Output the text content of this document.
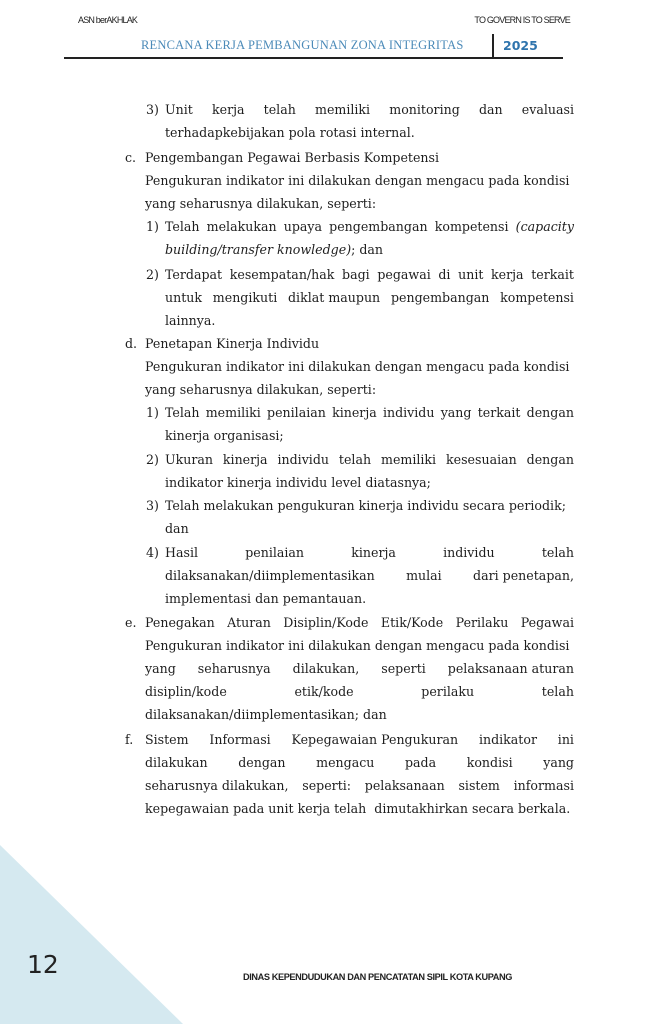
ASN berAKHLAK	TO GOVERN IS TO SERVE
RENCANA KERJA PEMBANGUNAN ZONA INTEGRITAS	2025
3) Unit kerja telah memiliki monitoring dan evaluasi
terhadapkebijakan pola rotasi internal.
c. Pengembangan Pegawai Berbasis Kompetensi
Pengukuran indikator ini dilakukan dengan mengacu pada kondisi
yang seharusnya dilakukan, seperti:
1) Telah melakukan upaya pengembangan kompetensi (capacity
building/transfer knowledge); dan
2) Terdapat kesempatan/hak bagi pegawai di unit kerja terkait
untuk mengikuti diklat maupun pengembangan kompetensi
lainnya.
d. Penetapan Kinerja Individu
Pengukuran indikator ini dilakukan dengan mengacu pada kondisi
yang seharusnya dilakukan, seperti:
1) Telah memiliki penilaian kinerja individu yang terkait dengan
kinerja organisasi;
2) Ukuran kinerja individu telah memiliki kesesuaian dengan
indikator kinerja individu level diatasnya;
3) Telah melakukan pengukuran kinerja individu secara periodik;
dan
4) Hasil	penilaian	kinerja	individu	telah
dilaksanakan/diimplementasikan mulai dari penetapan,
implementasi dan pemantauan.
e. Penegakan Aturan Disiplin/Kode Etik/Kode Perilaku Pegawai
Pengukuran indikator ini dilakukan dengan mengacu pada kondisi
yang seharusnya dilakukan, seperti pelaksanaan aturan
disiplin/kode	etik/kode	perilaku	telah
dilaksanakan/diimplementasikan; dan
f. Sistem Informasi Kepegawaian Pengukuran indikator ini
dilakukan dengan mengacu pada kondisi yang
seharusnya dilakukan, seperti: pelaksanaan sistem informasi
kepegawaian pada unit kerja telah  dimutakhirkan secara berkala.
12	DINAS KEPENDUDUKAN DAN PENCATATAN SIPIL KOTA KUPANG
